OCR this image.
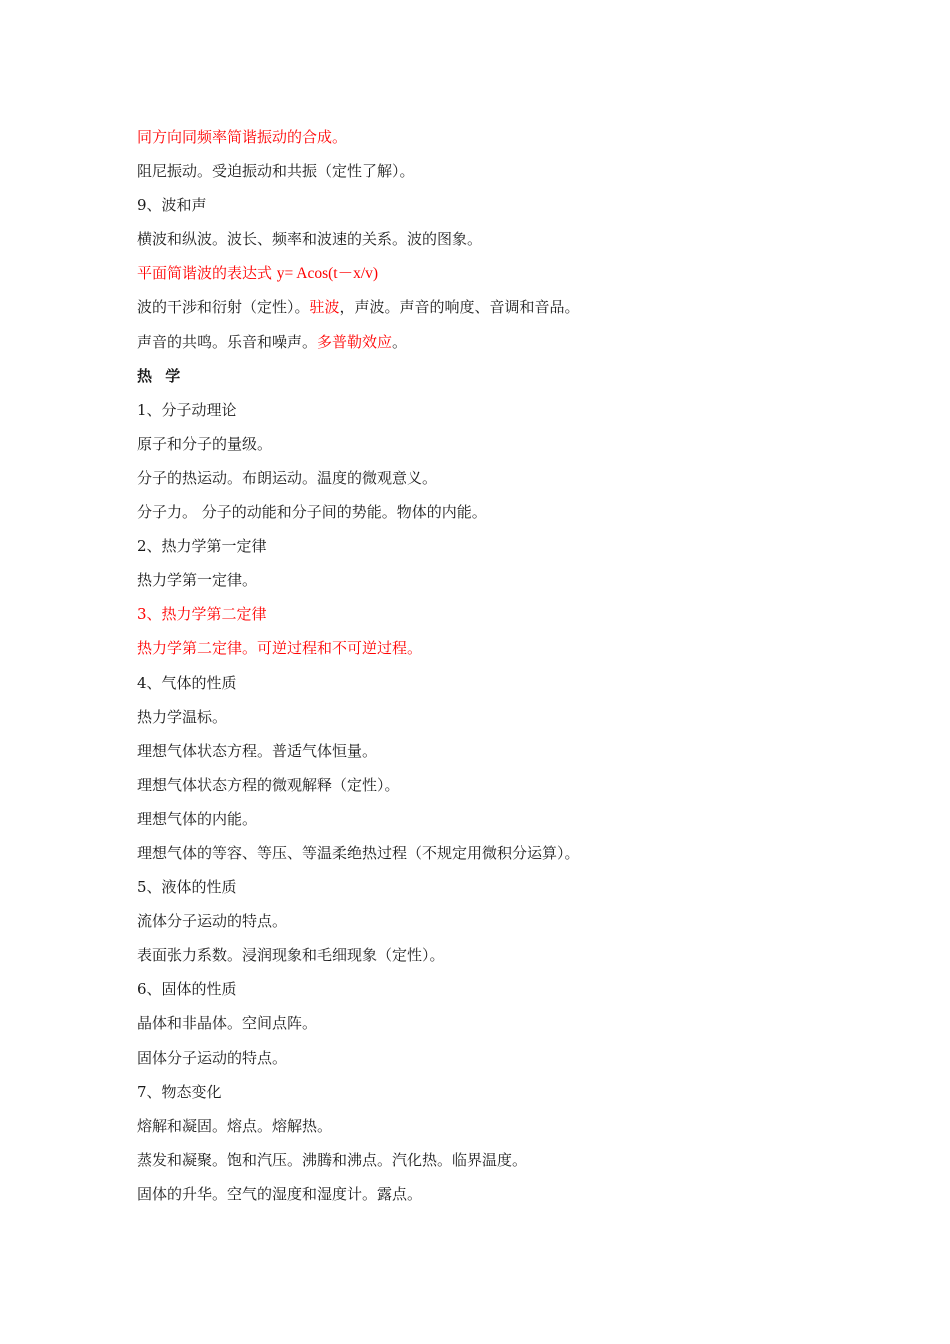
同方向同频率简谐振动的合成。
阻尼振动。受迫振动和共振（定性了解）。
9、波和声
横波和纵波。波长、频率和波速的关系。波的图象。
平面简谐波的表达式 y= Acos(t－x/v)
波的干涉和衍射（定性）。驻波，声波。声音的响度、音调和音品。
声音的共鸣。乐音和噪声。多普勒效应。
热 学
1、分子动理论
原子和分子的量级。
分子的热运动。布朗运动。温度的微观意义。
分子力。 分子的动能和分子间的势能。物体的内能。
2、热力学第一定律
热力学第一定律。
3、热力学第二定律
热力学第二定律。可逆过程和不可逆过程。
4、气体的性质
热力学温标。
理想气体状态方程。普适气体恒量。
理想气体状态方程的微观解释（定性）。
理想气体的内能。
理想气体的等容、等压、等温柔绝热过程（不规定用微积分运算）。
5、液体的性质
流体分子运动的特点。
表面张力系数。浸润现象和毛细现象（定性）。
6、固体的性质
晶体和非晶体。空间点阵。
固体分子运动的特点。
7、物态变化
熔解和凝固。熔点。熔解热。
蒸发和凝聚。饱和汽压。沸腾和沸点。汽化热。临界温度。
固体的升华。空气的湿度和湿度计。露点。
